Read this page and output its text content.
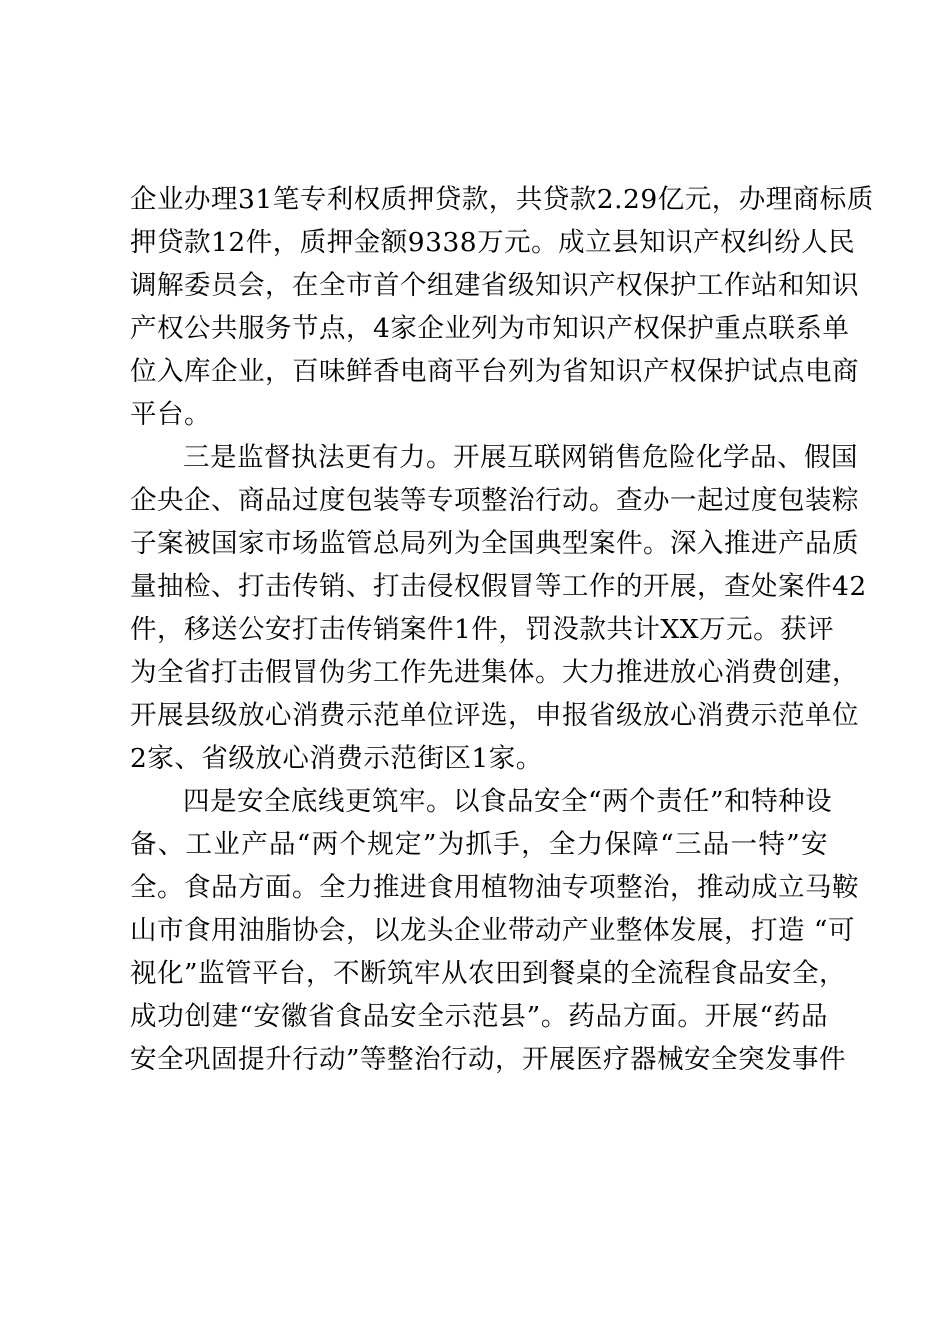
企业办理31笔专利权质押贷款，共贷款2.29亿元，办理商标质
押贷款12件，质押金额9338万元。成立县知识产权纠纷人民
调解委员会，在全市首个组建省级知识产权保护工作站和知识
产权公共服务节点，4家企业列为市知识产权保护重点联系单
位入库企业，百味鲜香电商平台列为省知识产权保护试点电商
平台。
三是监督执法更有力。开展互联网销售危险化学品、假国
企央企、商品过度包装等专项整治行动。查办一起过度包装粽
子案被国家市场监管总局列为全国典型案件。深入推进产品质
量抽检、打击传销、打击侵权假冒等工作的开展，查处案件42
件，移送公安打击传销案件1件，罚没款共计XX万元。获评
为全省打击假冒伪劣工作先进集体。大力推进放心消费创建，
开展县级放心消费示范单位评选，申报省级放心消费示范单位
2家、省级放心消费示范街区1家。
四是安全底线更筑牢。以食品安全“两个责任”和特种设
备、工业产品“两个规定”为抓手，全力保障“三品一特”安
全。食品方面。全力推进食用植物油专项整治，推动成立马鞍
山市食用油脂协会，以龙头企业带动产业整体发展，打造 “可
视化”监管平台，不断筑牢从农田到餐桌的全流程食品安全，
成功创建“安徽省食品安全示范县”。药品方面。开展“药品
安全巩固提升行动”等整治行动，开展医疗器械安全突发事件
